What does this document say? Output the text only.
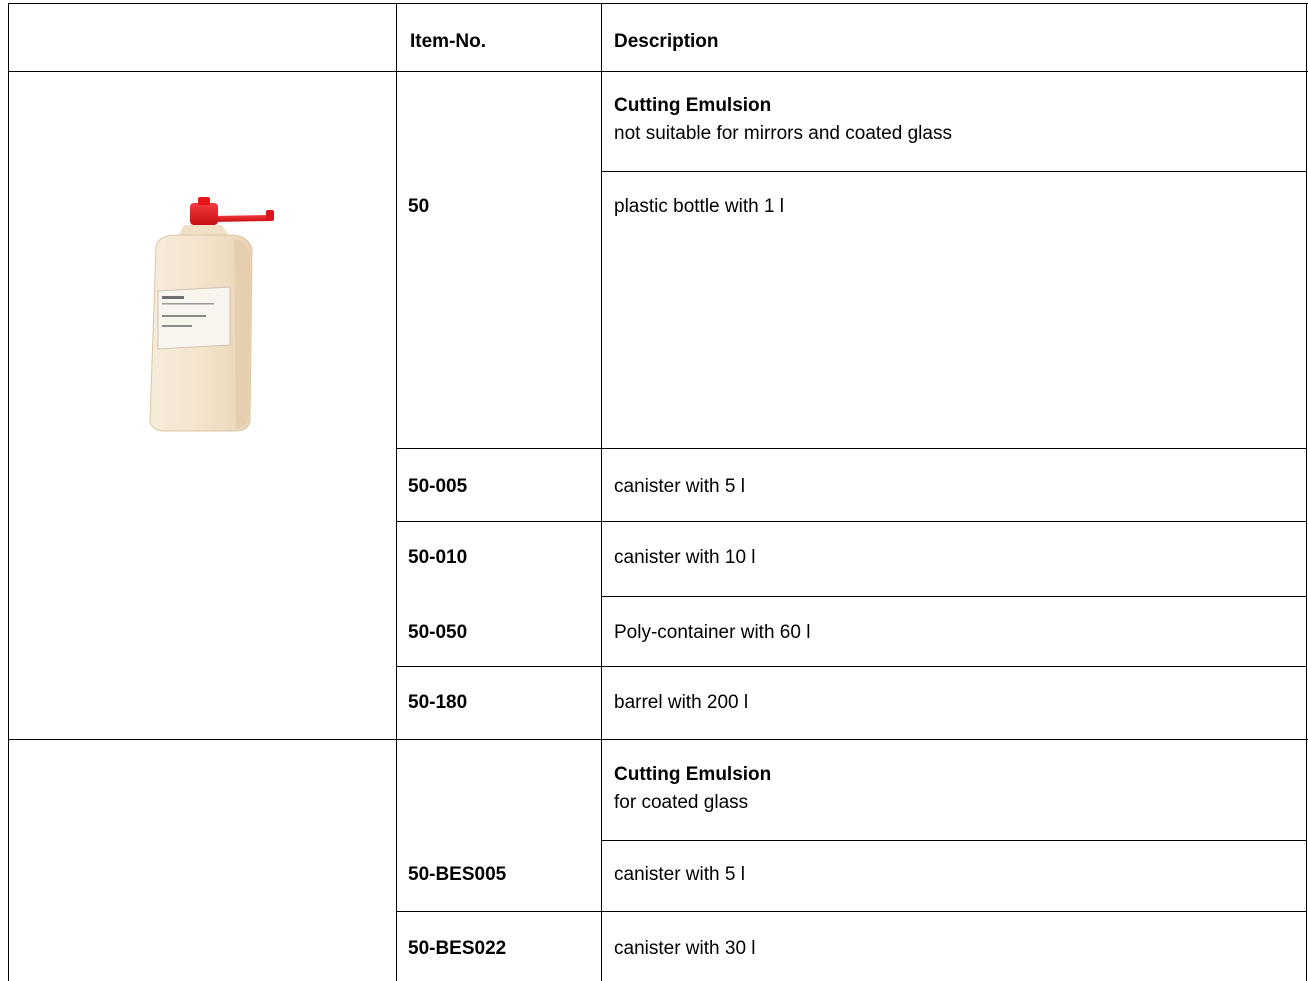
Item-No.	Description
Cutting Emulsion
not suitable for mirrors and coated glass
50	plastic bottle with 1 l
50-005	canister with 5 l
50-010	canister with 10 l
50-050	Poly-container with 60 l
50-180	barrel with 200 l
Cutting Emulsion
for coated glass
50-BES005	canister with 5 l
50-BES022	canister with 30 l
